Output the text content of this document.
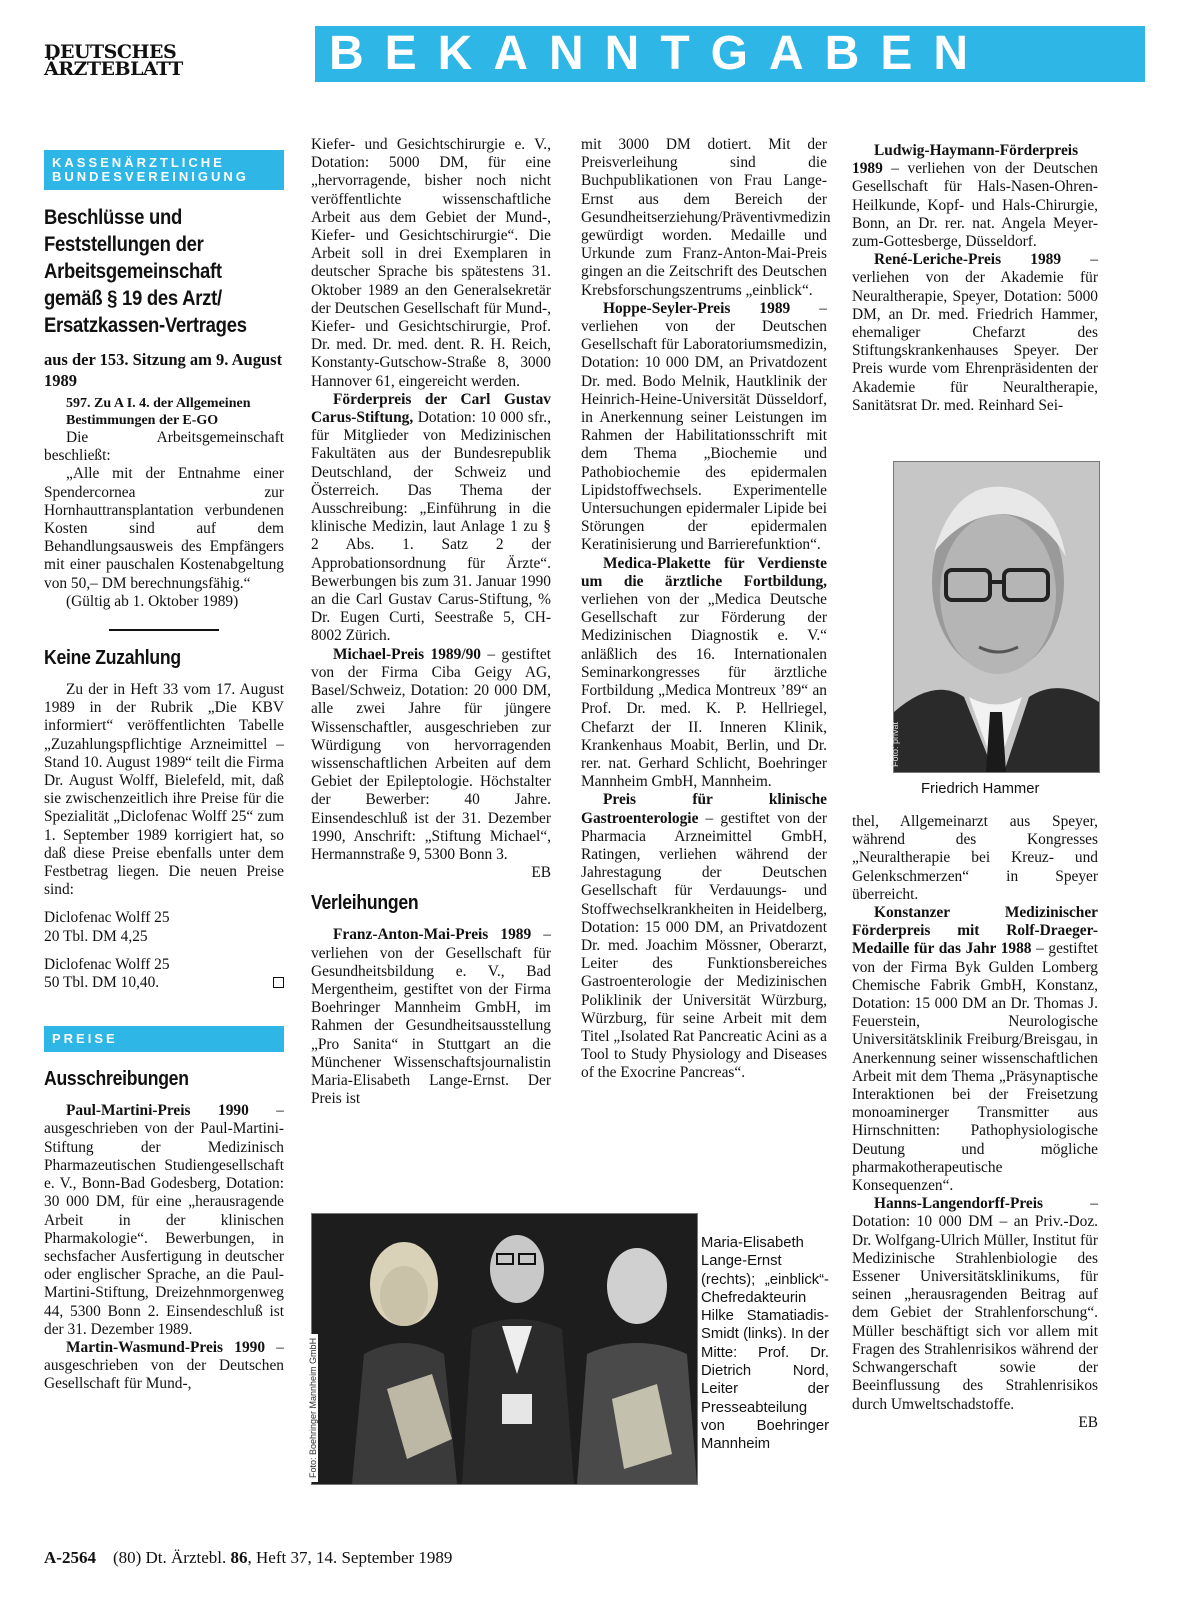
DEUTSCHES
ÄRZTEBLATT	BEKANNTGABEN
KASSENÄRZTLICHE
BUNDESVEREINIGUNG
Beschlüsse und Feststellungen der Arbeitsgemeinschaft gemäß § 19 des Arzt/ Ersatzkassen-Vertrages

aus der 153. Sitzung am 9. August 1989

597. Zu A I. 4. der Allgemeinen Bestimmungen der E-GO

Die Arbeitsgemeinschaft beschließt:

„Alle mit der Entnahme einer Spendercornea zur Hornhauttransplantation verbundenen Kosten sind auf dem Behandlungsausweis des Empfängers mit einer pauschalen Kostenabgeltung von 50,– DM berechnungsfähig.“

(Gültig ab 1. Oktober 1989)

Keine Zuzahlung

Zu der in Heft 33 vom 17. August 1989 in der Rubrik „Die KBV informiert“ veröffentlichten Tabelle „Zuzahlungspflichtige Arzneimittel – Stand 10. August 1989“ teilt die Firma Dr. August Wolff, Bielefeld, mit, daß sie zwischenzeitlich ihre Preise für die Spezialität „Diclofenac Wolff 25“ zum 1. September 1989 korrigiert hat, so daß diese Preise ebenfalls unter dem Festbetrag liegen. Die neuen Preise sind:

Diclofenac Wolff 25
20 Tbl. DM 4,25
Diclofenac Wolff 25
50 Tbl. DM 10,40.
PREISE
Ausschreibungen

Paul-Martini-Preis 1990 – ausgeschrieben von der Paul-Martini-Stiftung der Medizinisch Pharmazeutischen Studiengesellschaft e. V., Bonn-Bad Godesberg, Dotation: 30 000 DM, für eine „herausragende Arbeit in der klinischen Pharmakologie“. Bewerbungen, in sechsfacher Ausfertigung in deutscher oder englischer Sprache, an die Paul-Martini-Stiftung, Dreizehnmorgenweg 44, 5300 Bonn 2. Einsendeschluß ist der 31. Dezember 1989.

Martin-Wasmund-Preis 1990 – ausgeschrieben von der Deutschen Gesellschaft für Mund-,

Kiefer- und Gesichtschirurgie e. V., Dotation: 5000 DM, für eine „hervorragende, bisher noch nicht veröffentlichte wissenschaftliche Arbeit aus dem Gebiet der Mund-, Kiefer- und Gesichtschirurgie“. Die Arbeit soll in drei Exemplaren in deutscher Sprache bis spätestens 31. Oktober 1989 an den Generalsekretär der Deutschen Gesellschaft für Mund-, Kiefer- und Gesichtschirurgie, Prof. Dr. med. Dr. med. dent. R. H. Reich, Konstanty-Gutschow-Straße 8, 3000 Hannover 61, eingereicht werden.

Förderpreis der Carl Gustav Carus-Stiftung, Dotation: 10 000 sfr., für Mitglieder von Medizinischen Fakultäten aus der Bundesrepublik Deutschland, der Schweiz und Österreich. Das Thema der Ausschreibung: „Einführung in die klinische Medizin, laut Anlage 1 zu § 2 Abs. 1. Satz 2 der Approbationsordnung für Ärzte“. Bewerbungen bis zum 31. Januar 1990 an die Carl Gustav Carus-Stiftung, % Dr. Eugen Curti, Seestraße 5, CH-8002 Zürich.

Michael-Preis 1989/90 – gestiftet von der Firma Ciba Geigy AG, Basel/Schweiz, Dotation: 20 000 DM, alle zwei Jahre für jüngere Wissenschaftler, ausgeschrieben zur Würdigung von hervorragenden wissenschaftlichen Arbeiten auf dem Gebiet der Epileptologie. Höchstalter der Bewerber: 40 Jahre. Einsendeschluß ist der 31. Dezember 1990, Anschrift: „Stiftung Michael“, Hermannstraße 9, 5300 Bonn 3.

EB

Verleihungen

Franz-Anton-Mai-Preis 1989 – verliehen von der Gesellschaft für Gesundheitsbildung e. V., Bad Mergentheim, gestiftet von der Firma Boehringer Mannheim GmbH, im Rahmen der Gesundheitsausstellung „Pro Sanita“ in Stuttgart an die Münchener Wissenschaftsjournalistin Maria-Elisabeth Lange-Ernst. Der Preis ist

mit 3000 DM dotiert. Mit der Preisverleihung sind die Buchpublikationen von Frau Lange-Ernst aus dem Bereich der Gesundheitserziehung/Präventivmedizin gewürdigt worden. Medaille und Urkunde zum Franz-Anton-Mai-Preis gingen an die Zeitschrift des Deutschen Krebsforschungszentrums „einblick“.

Hoppe-Seyler-Preis 1989 – verliehen von der Deutschen Gesellschaft für Laboratoriumsmedizin, Dotation: 10 000 DM, an Privatdozent Dr. med. Bodo Melnik, Hautklinik der Heinrich-Heine-Universität Düsseldorf, in Anerkennung seiner Leistungen im Rahmen der Habilitationsschrift mit dem Thema „Biochemie und Pathobiochemie des epidermalen Lipidstoffwechsels. Experimentelle Untersuchungen epidermaler Lipide bei Störungen der epidermalen Keratinisierung und Barrierefunktion“.

Medica-Plakette für Verdienste um die ärztliche Fortbildung, verliehen von der „Medica Deutsche Gesellschaft zur Förderung der Medizinischen Diagnostik e. V.“ anläßlich des 16. Internationalen Seminarkongresses für ärztliche Fortbildung „Medica Montreux ’89“ an Prof. Dr. med. K. P. Hellriegel, Chefarzt der II. Inneren Klinik, Krankenhaus Moabit, Berlin, und Dr. rer. nat. Gerhard Schlicht, Boehringer Mannheim GmbH, Mannheim.

Preis für klinische Gastroenterologie – gestiftet von der Pharmacia Arzneimittel GmbH, Ratingen, verliehen während der Jahrestagung der Deutschen Gesellschaft für Verdauungs- und Stoffwechselkrankheiten in Heidelberg, Dotation: 15 000 DM, an Privatdozent Dr. med. Joachim Mössner, Oberarzt, Leiter des Funktionsbereiches Gastroenterologie der Medizinischen Poliklinik der Universität Würzburg, Würzburg, für seine Arbeit mit dem Titel „Isolated Rat Pancreatic Acini as a Tool to Study Physiology and Diseases of the Exocrine Pancreas“.

Ludwig-Haymann-Förderpreis 1989 – verliehen von der Deutschen Gesellschaft für Hals-Nasen-Ohren-Heilkunde, Kopf- und Hals-Chirurgie, Bonn, an Dr. rer. nat. Angela Meyer-zum-Gottesberge, Düsseldorf.

René-Leriche-Preis 1989 – verliehen von der Akademie für Neuraltherapie, Speyer, Dotation: 5000 DM, an Dr. med. Friedrich Hammer, ehemaliger Chefarzt des Stiftungskrankenhauses Speyer. Der Preis wurde vom Ehrenpräsidenten der Akademie für Neuraltherapie, Sanitätsrat Dr. med. Reinhard Sei-

Foto: privat
Friedrich Hammer

thel, Allgemeinarzt aus Speyer, während des Kongresses „Neuraltherapie bei Kreuz- und Gelenkschmerzen“ in Speyer überreicht.

Konstanzer Medizinischer Förderpreis mit Rolf-Draeger-Medaille für das Jahr 1988 – gestiftet von der Firma Byk Gulden Lomberg Chemische Fabrik GmbH, Konstanz, Dotation: 15 000 DM an Dr. Thomas J. Feuerstein, Neurologische Universitätsklinik Freiburg/Breisgau, in Anerkennung seiner wissenschaftlichen Arbeit mit dem Thema „Präsynaptische Interaktionen bei der Freisetzung monoaminerger Transmitter aus Hirnschnitten: Pathophysiologische Deutung und mögliche pharmakotherapeutische Konsequenzen“.

Hanns-Langendorff-Preis	– Dotation: 10 000 DM – an Priv.-Doz. Dr. Wolfgang-Ulrich Müller, Institut für Medizinische Strahlenbiologie des Essener Universitätsklinikums, für seinen „herausragenden Beitrag auf dem Gebiet der Strahlenforschung“. Müller beschäftigt sich vor allem mit Fragen des Strahlenrisikos während der Schwangerschaft sowie der Beeinflussung des Strahlenrisikos durch Umweltschadstoffe.

EB

Foto: Boehringer Mannheim GmbH
Maria-Elisabeth Lange-Ernst (rechts); „einblick“-Chefredakteurin Hilke Stamatiadis-Smidt (links). In der Mitte: Prof. Dr. Dietrich Nord, Leiter der Presseabteilung von Boehringer Mannheim
A-2564 (80) Dt. Ärztebl. 86, Heft 37, 14. September 1989
